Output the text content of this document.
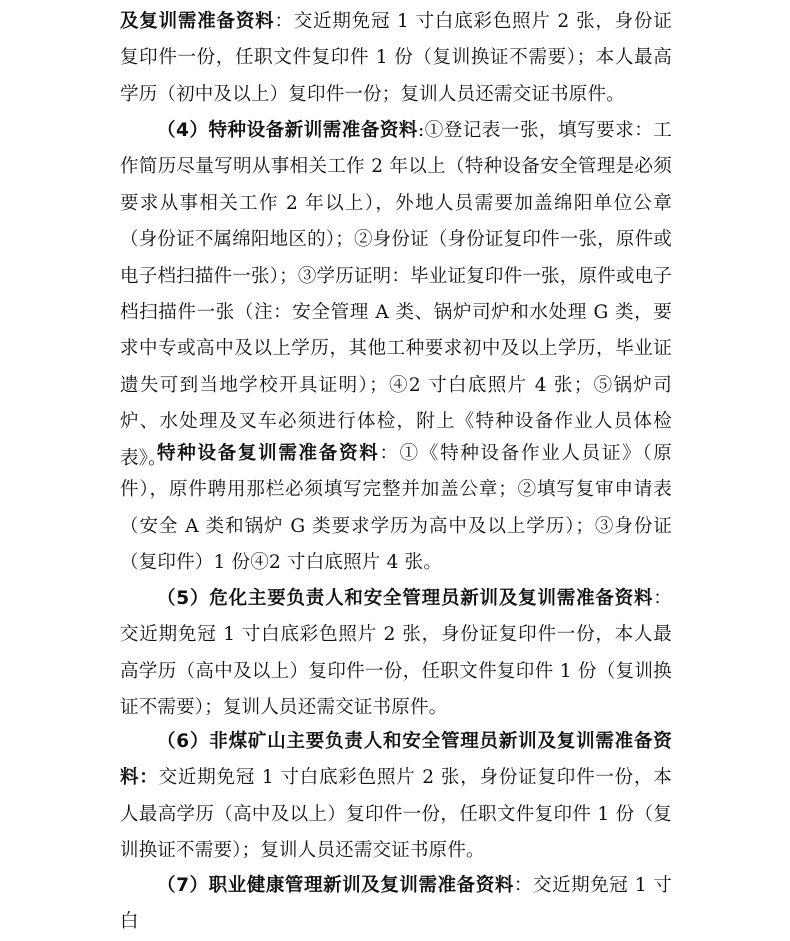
及复训需准备资料：交近期免冠 1 寸白底彩色照片 2 张，身份证复印件一份，任职文件复印件 1 份（复训换证不需要）；本人最高学历（初中及以上）复印件一份；复训人员还需交证书原件。

（4）特种设备新训需准备资料:①登记表一张，填写要求：工作简历尽量写明从事相关工作 2 年以上（特种设备安全管理是必须要求从事相关工作 2 年以上），外地人员需要加盖绵阳单位公章（身份证不属绵阳地区的）；②身份证（身份证复印件一张，原件或电子档扫描件一张）；③学历证明：毕业证复印件一张，原件或电子档扫描件一张（注：安全管理 A 类、锅炉司炉和水处理 G 类，要求中专或高中及以上学历，其他工种要求初中及以上学历，毕业证遗失可到当地学校开具证明）；④2 寸白底照片 4 张；⑤锅炉司炉、水处理及叉车必须进行体检，附上《特种设备作业人员体检表》。

特种设备复训需准备资料：①《特种设备作业人员证》（原件），原件聘用那栏必须填写完整并加盖公章；②填写复审申请表（安全 A 类和锅炉 G 类要求学历为高中及以上学历）；③身份证（复印件）1 份④2 寸白底照片 4 张。

（5）危化主要负责人和安全管理员新训及复训需准备资料：交近期免冠 1 寸白底彩色照片 2 张，身份证复印件一份，本人最高学历（高中及以上）复印件一份，任职文件复印件 1 份（复训换证不需要）；复训人员还需交证书原件。

（6）非煤矿山主要负责人和安全管理员新训及复训需准备资料：交近期免冠 1 寸白底彩色照片 2 张，身份证复印件一份，本人最高学历（高中及以上）复印件一份，任职文件复印件 1 份（复训换证不需要）；复训人员还需交证书原件。

（7）职业健康管理新训及复训需准备资料：交近期免冠 1 寸白
